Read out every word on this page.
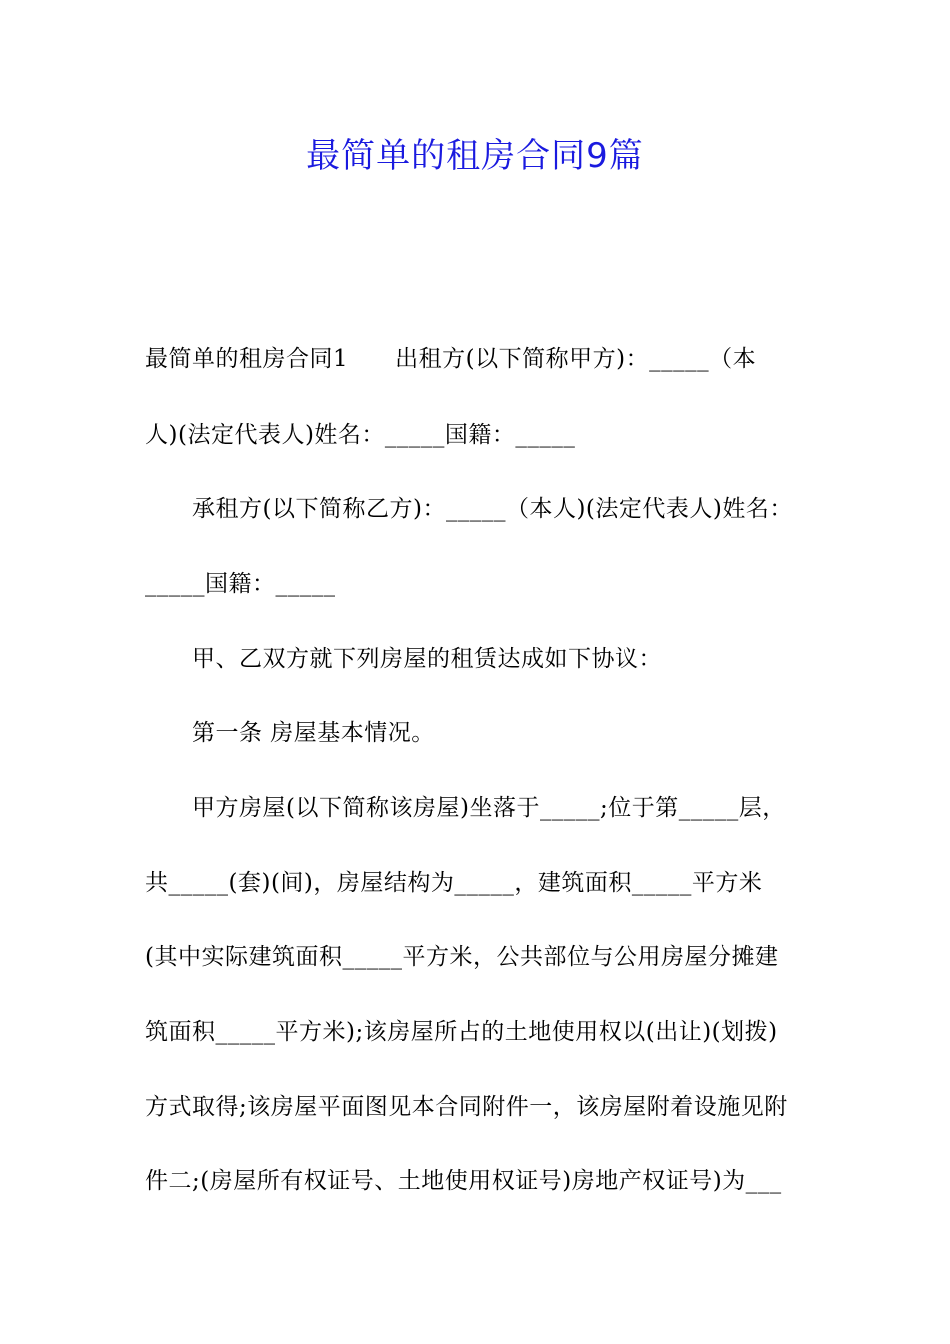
最简单的租房合同9篇
最简单的租房合同1　　出租方(以下简称甲方)：_____（本
人)(法定代表人)姓名：_____国籍：_____
　　承租方(以下简称乙方)：_____（本人)(法定代表人)姓名：
_____国籍：_____
　　甲、乙双方就下列房屋的租赁达成如下协议：
　　第一条 房屋基本情况。
　　甲方房屋(以下简称该房屋)坐落于_____;位于第_____层，
共_____(套)(间)，房屋结构为_____，建筑面积_____平方米
(其中实际建筑面积_____平方米，公共部位与公用房屋分摊建
筑面积_____平方米);该房屋所占的土地使用权以(出让)(划拨)
方式取得;该房屋平面图见本合同附件一，该房屋附着设施见附
件二;(房屋所有权证号、土地使用权证号)房地产权证号)为___
